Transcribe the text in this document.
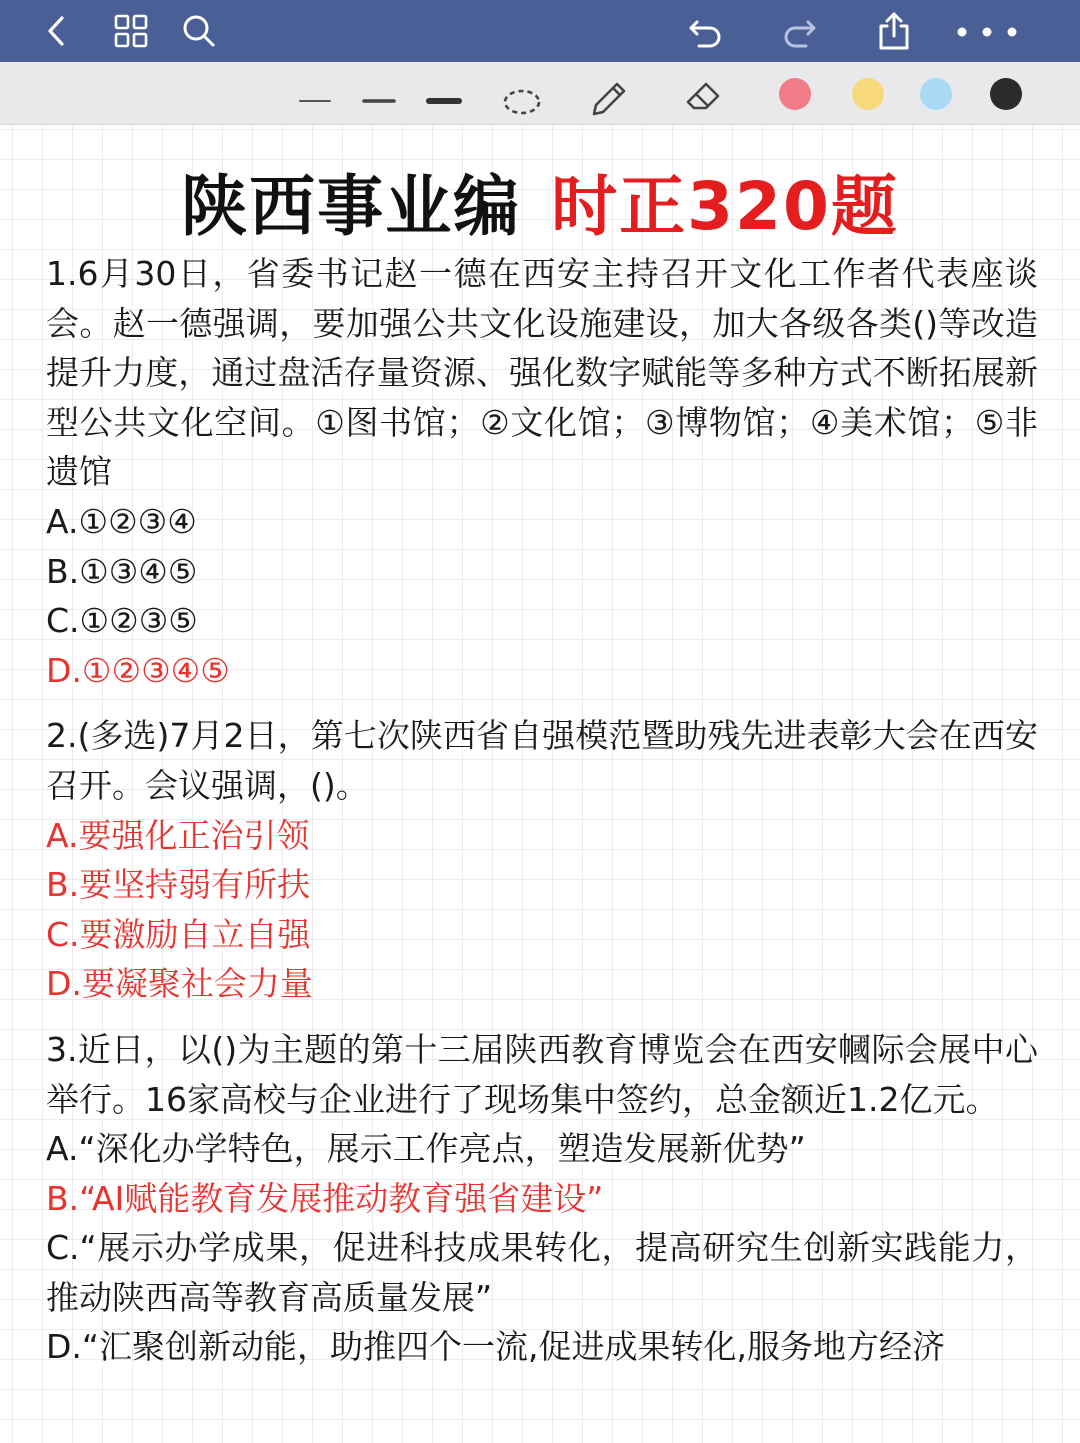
陕西事业编 时正320题

1.6月30日，省委书记赵一德在西安主持召开文化工作者代表座谈会。赵一德强调，要加强公共文化设施建设，加大各级各类()等改造提升力度，通过盘活存量资源、强化数字赋能等多种方式不断拓展新型公共文化空间。①图书馆；②文化馆；③博物馆；④美术馆；⑤非遗馆

A.①②③④

B.①③④⑤

C.①②③⑤

D.①②③④⑤

2.(多选)7月2日，第七次陕西省自强模范暨助残先进表彰大会在西安召开。会议强调，()。

A.要强化正治引领

B.要坚持弱有所扶

C.要激励自立自强

D.要凝聚社会力量

3.近日，以()为主题的第十三届陕西教育博览会在西安幗际会展中心举行。16家高校与企业进行了现场集中签约，总金额近1.2亿元。

A.“深化办学特色，展示工作亮点，塑造发展新优势”

B.“AI赋能教育发展推动教育强省建设”

C.“展示办学成果，促进科技成果转化，提高研究生创新实践能力，推动陕西高等教育高质量发展”

D.“汇聚创新动能，助推四个一流,促进成果转化,服务地方经济
